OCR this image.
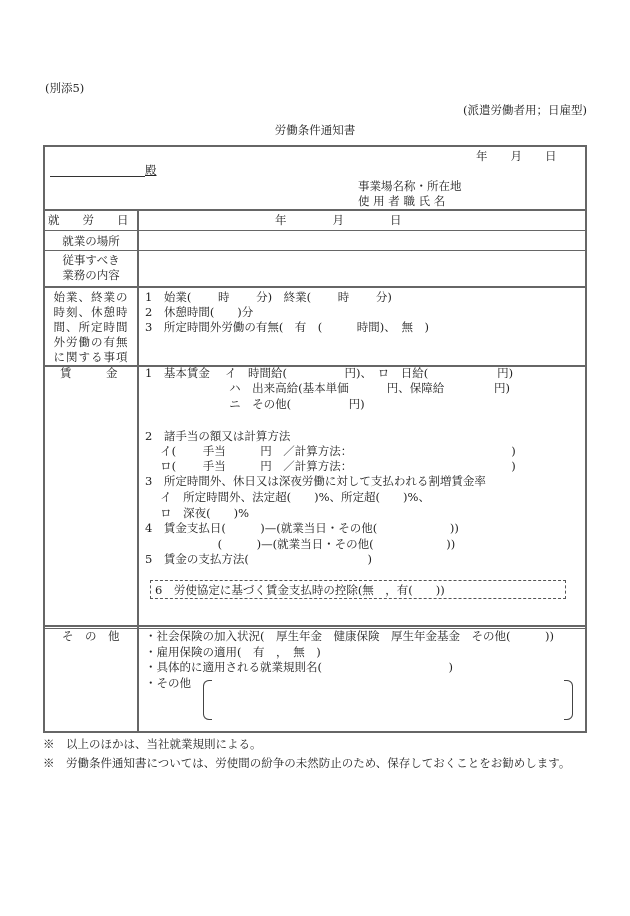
(別添5)
(派遣労働者用；日雇型)
労働条件通知書
年　　月　　日
殿
事業場名称・所在地
使 用 者 職 氏 名
就　　労　　日	年　　　　月　　　　日
就業の場所
従事すべき
業務の内容
始業、終業の
時刻、休憩時
間、所定時間
外労働の有無
に関する事項
1　始業(　　 時　　 分)　終業(　　 時　　 分)
2　休憩時間(　　)分
3　所定時間外労働の有無(　有　(　　　時間)、　無　)
賃　　　金 1　基本賃金　 イ　時間給(　　　　　円)、　ロ　日給(　　　　　　円)
　　　　　　　 ハ　出来高給(基本単価　　　 円、保障給　　　　 円)
　　　　　　　 ニ　その他(　　　　　円)
2　諸手当の額又は計算方法
　 イ(　　 手当　　　円　／計算方法：　　　　　　　　　　　　　　 )
　 ロ(　　 手当　　　円　／計算方法：　　　　　　　　　　　　　　 )
3　所定時間外、休日又は深夜労働に対して支払われる割増賃金率
　 イ　所定時間外、法定超(　　)%、所定超(　　)%、
　 ロ　深夜(　　)%
4　賃金支払日(　　　)—(就業当日・その他(　　　　　　 ))
　　　　　　 (　　　)—(就業当日・その他(　　　　　　 ))
5　賃金の支払方法(　　　　　　　　　　 )
6　労使協定に基づく賃金支払時の控除(無　，有(　　))
そ　の　他 ・社会保険の加入状況(　厚生年金　健康保険　厚生年金基金　その他(　　　))
・雇用保険の適用(　有　，　無　)
・具体的に適用される就業規則名(　　　　　　　　　　　)
・その他
※　以上のほかは、当社就業規則による。
※　労働条件通知書については、労使間の紛争の未然防止のため、保存しておくことをお勧めします。
